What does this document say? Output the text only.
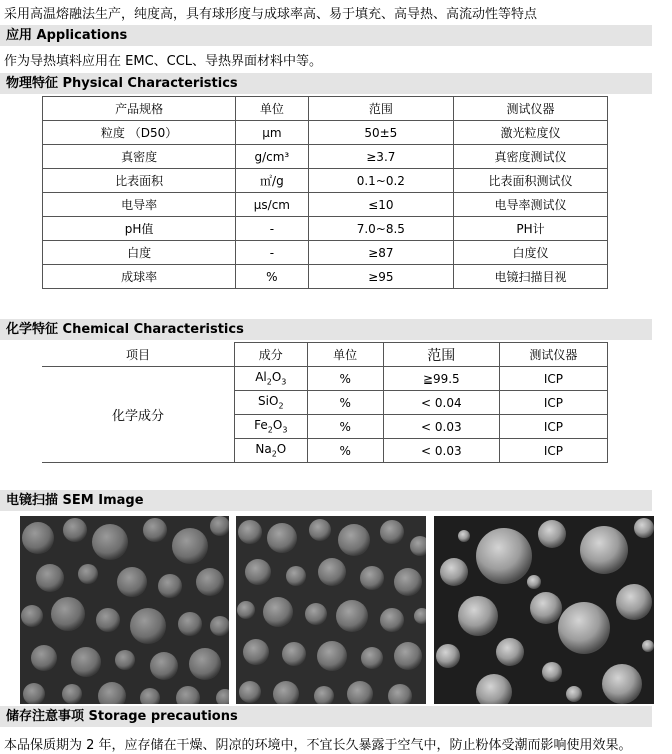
采用高温熔融法生产，纯度高，具有球形度与成球率高、易于填充、高导热、高流动性等特点
应用 Applications
作为导热填料应用在 EMC、CCL、导热界面材料中等。
物理特征 Physical Characteristics
产品规格	单位	范围	测试仪器
粒度 （D50）	μm	50±5	激光粒度仪
真密度	g/cm³	≥3.7	真密度测试仪
比表面积	㎡/g	0.1~0.2	比表面积测试仪
电导率	μs/cm	≤10	电导率测试仪
pH值	-	7.0~8.5	PH计
白度	-	≥87	白度仪
成球率	%	≥95	电镜扫描目视
化学特征 Chemical Characteristics
项目	成分	单位	范围	测试仪器
化学成分	$Al_2O_3$	%	≧99.5	ICP
	SiO$_2$	%	< 0.04	ICP
	$Fe_2O_3$	%	< 0.03	ICP
	$Na_2O$	%	< 0.03	ICP
电镜扫描 SEM Image
储存注意事项 Storage precautions
本品保质期为 2 年，应存储在干燥、阴凉的环境中，不宜长久暴露于空气中，防止粉体受潮而影响使用效果。
